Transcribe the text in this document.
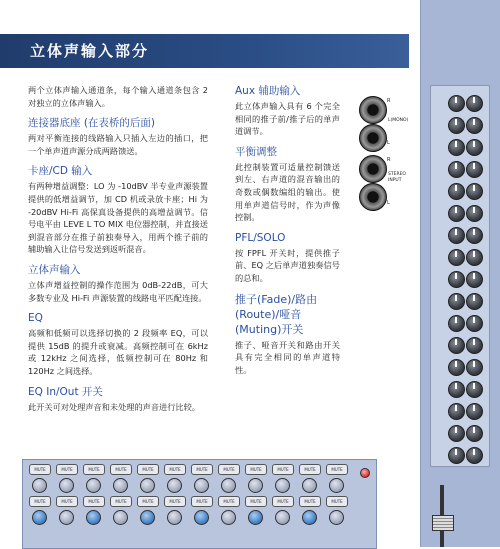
立体声输入部分
两个立体声输入通道条，每个输入通道条包含 2 对独立的立体声输入。
连接器底座 (在表桥的后面)
两对平衡连接的线路输入只插入左边的插口，把一个单声道声源分成两路馈送。
卡座/CD 输入
有两种增益调整：LO 为 -10dBV 半专业声源装置提供的低增益调节，加 CD 机或录放卡座；Hi 为 -20dBV Hi-Fi 高保真设备提供的高增益调节。信号电平由 LEVE L TO MIX 电位器控制，并直接送到混音部分在推子前独奏导入，用两个推子前的辅助输入让信号发送到返听混音。
立体声输入
立体声增益控制的操作范围为 0dB-22dB，可大多数专业及 Hi-Fi 声源装置的线路电平匹配连接。
EQ
高频和低频可以选择切换的 2 段频率 EQ，可以提供 15dB 的提升或衰减。高频控制可在 6kHz 或 12kHz 之间选择，低频控制可在 80Hz 和 120Hz 之间选择。
EQ In/Out 开关
此开关可对处理声音和未处理的声音进行比较。
Aux 辅助输入
此立体声输入具有 6 个完全相同的推子前/推子后的单声道调节。
平衡调整
此控制装置可适量控制馈送到左、右声道的混音输出的奇数或偶数编组的输出。使用单声道信号时，作为声像控制。
PFL/SOLO
按 FPFL 开关时，提供推子前、EQ 之后单声道独奏信号的总和。
推子(Fade)/路由(Route)/哑音(Muting)开关
推子、哑音开关和路由开关具有完全相同的单声道特性。
R
L(MONO)
L
R
STEREO
INPUT
L
MUTE
MUTE
MUTE
MUTE
MUTE
MUTE
MUTE
MUTE
MUTE
MUTE
MUTE
MUTE
MUTE
MUTE
MUTE
MUTE
MUTE
MUTE
MUTE
MUTE
MUTE
MUTE
MUTE
MUTE
